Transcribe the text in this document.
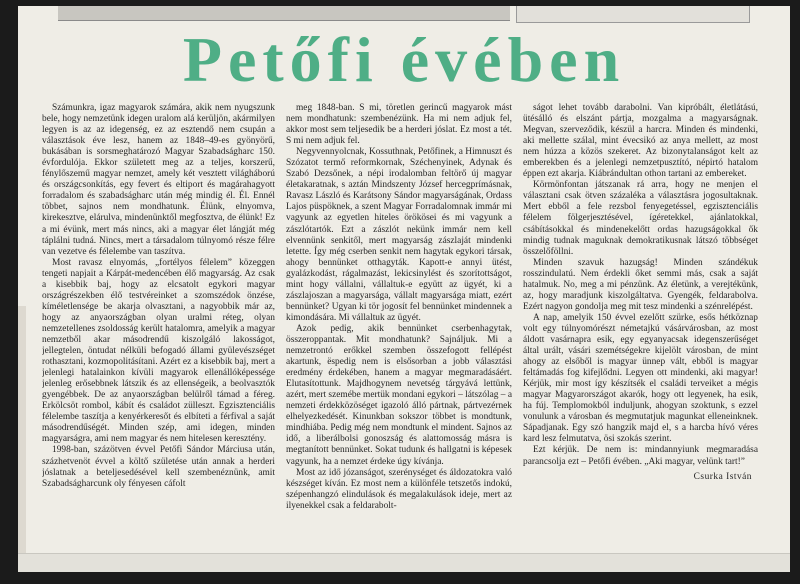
Petőfi évében

Számunkra, igaz magyarok számára, akik nem nyugszunk bele, hogy nemzetünk idegen uralom alá kerüljön, akármilyen legyen is az az idegenség, ez az esztendő nem csupán a választások éve lesz, hanem az 1848–49-es gyönyörű, bukásában is sorsmeghatározó Magyar Szabadságharc 150. évfordulója. Ekkor született meg az a teljes, korszerű, fénylőszemű magyar nemzet, amely két vesztett világháború és országcsonkítás, egy fevert és eltiport és magárahagyott forradalom és szabadságharc után még mindig él. Él. Ennél többet, sajnos nem mondhatunk. Élünk, elnyomva, kirekesztve, elárulva, mindenünktől megfosztva, de élünk! Ez a mi évünk, mert más nincs, aki a magyar élet lángját még táplálni tudná. Nincs, mert a társadalom túlnyomó része félre van vezetve és félelembe van taszítva.

Most ravasz elnyomás, „fortélyos félelem” közeggen tengeti napjait a Kárpát-medencében élő magyarság. Az csak a kisebbik baj, hogy az elcsatolt egykori magyar országrészekben élő testvéreinket a szomszédok önzése, kíméletlensége be akarja olvasztani, a nagyobbik már az, hogy az anyaországban olyan uralmi réteg, olyan nemzetellenes zsoldosság került hatalomra, amelyik a magyar nemzetből akar másodrendű kiszolgáló lakosságot, jellegtelen, öntudat nélküli befogadó állami gyülevészséget rothasztani, kozmopolitásítani. Azért ez a kisebbik baj, mert a jelenlegi hatalainkon kívüli magyarok ellenállóképessége jelenleg erősebbnek látszik és az ellenségeik, a beolvasztók gyengébbek. De az anyaországban belülről támad a féreg. Erkölcsöt rombol, kábít és családot zülleszt. Egzisztenciális félelembe taszítja a kenyérkeresőt és elbíteti a férfival a saját másodrendűségét. Minden szép, ami idegen, minden magyarságra, ami nem magyar és nem hitelesen keresztény.

1998-ban, százötven évvel Petőfi Sándor Márciusa után, százhetvenöt évvel a költő születése után annak a herderi jóslatnak a beteljesedésével kell szembenéznünk, amit Szabadságharcunk oly fényesen cáfolt

meg 1848-ban. S mi, töretlen gerincű magyarok mást nem mondhatunk: szembenézünk. Ha mi nem adjuk fel, akkor most sem teljesedik be a herderi jóslat. Ez most a tét. S mi nem adjuk fel.

Negyvennyolcnak, Kossuthnak, Petőfinek, a Himnuszt és Szózatot termő reformkornak, Széchenyinek, Adynak és Szabó Dezsőnek, a népi irodalomban feltörő új magyar életakaratnak, s aztán Mindszenty József hercegprímásnak, Ravasz László és Karátsony Sándor magyarságának, Ordass Lajos püspöknek, a szent Magyar Forradalomnak immár mi vagyunk az egyetlen hiteles örökösei és mi vagyunk a zászlótartók. Ezt a zászlót nekünk immár nem kell elvennünk senkitől, mert magyarság zászlaját mindenki letette. Így még cserben senkit nem hagytak egykori társak, ahogy bennünket otthagyták. Kapott-e annyi ütést, gyalázkodást, rágalmazást, lekicsinylést és szorítottságot, mint hogy vállalni, vállaltuk-e együtt az ügyét, ki a zászlajoszan a magyarsága, vállalt magyarsága miatt, ezért bennünket? Ugyan ki tör jogosít fel bennünket mindennek a kimondására. Mi vállaltuk az ügyét.

Azok pedig, akik bennünket cserbenhagytak, összeroppantak. Mit mondhatunk? Sajnáljuk. Mi a nemzetrontó erőkkel szemben összefogott fellépést akartunk, ëspedig nem is elsősorban a jobb választási eredmény érdekében, hanem a magyar megmaradásáért. Elutasítottunk. Majdhogynem nevetség tárgyává lettünk, azért, mert szemébe mertük mondani egykori – látszólag – a nemzeti érdekközöséget igazoló álló pártnak, pártvezérnek elhelyezkedését. Kinunkban sokszor többet is mondtunk, mindhiába. Pedig még nem mondtunk el mindent. Sajnos az idő, a liberálbolsi gonoszság és alattomosság másra is megtanított bennünket. Sokat tudunk és hallgatni is képesek vagyunk, ha a nemzet érdeke úgy kívánja.

Most az idő józanságot, szerénységet és áldozatokra való készséget kíván. Ez most nem a különféle tetszetős indokú, szépenhangzó elindulások és megalakulások ideje, mert az ilyenekkel csak a feldarabolt-

ságot lehet tovább darabolni. Van kipróbált, életlátású, ütésálló és elszánt pártja, mozgalma a magyarságnak. Megvan, szerveződik, készül a harcra. Minden és mindenki, aki mellette szálal, mint évecsikó az anya mellett, az most nem húzza a közös szekeret. Az bizonytalanságot kelt az emberekben és a jelenlegi nemzetpusztító, népirtó hatalom éppen ezt akarja. Kiábrándultan othon tartani az embereket.

Körmönfontan játszanak rá arra, hogy ne menjen el választani csak ötven százaléka a választásra jogosultaknak. Mert ebből a fele rezsbol fenyegetéssel, egzisztenciális félelem fölgerjesztésével, ígéretekkel, ajánlatokkal, csábításokkal és mindenekelőtt ordas hazugságokkal ők mindig tudnak maguknak demokratikusnak látszó többséget összelőföllni.

Minden szavuk hazugság! Minden szándékuk rosszindulatú. Nem érdekli őket semmi más, csak a saját hatalmuk. No, meg a mi pénzünk. Az életünk, a verejtékünk, az, hogy maradjunk kiszolgáltatva. Gyengék, feldarabolva. Ezért nagyon gondolja meg mit tesz mindenki a szénrelépést.

A nap, amelyik 150 évvel ezelőtt szürke, esős hétköznap volt egy túlnyomórészt németajkú vásárvárosban, az most áldott vasárnapra esik, egy egyanyacsak idegenszerűséget által urált, vásári szemétségekre kijelölt városban, de mint ahogy az elsőből is magyar ünnep vált, ebből is magyar feltámadás fog kifejlődni. Legyen ott mindenki, aki magyar! Kérjük, mir most így készítsék el családi terveiket a mégis magyar Magyarországot akarók, hogy ott legyenek, ha esik, ha fúj. Templomokból induljunk, ahogyan szoktunk, s ezzel vonulunk a városban és megmutatjuk magunkat elleneinknek. Sápadjanak. Egy szó hangzik majd el, s a harcba hívó véres kard lesz felmutatva, ösi szokás szerint.

Ezt kérjük. De nem is: mindannyiunk megmaradása parancsolja ezt – Petőfi évében. „Aki magyar, velünk tart!”

Csurka István
